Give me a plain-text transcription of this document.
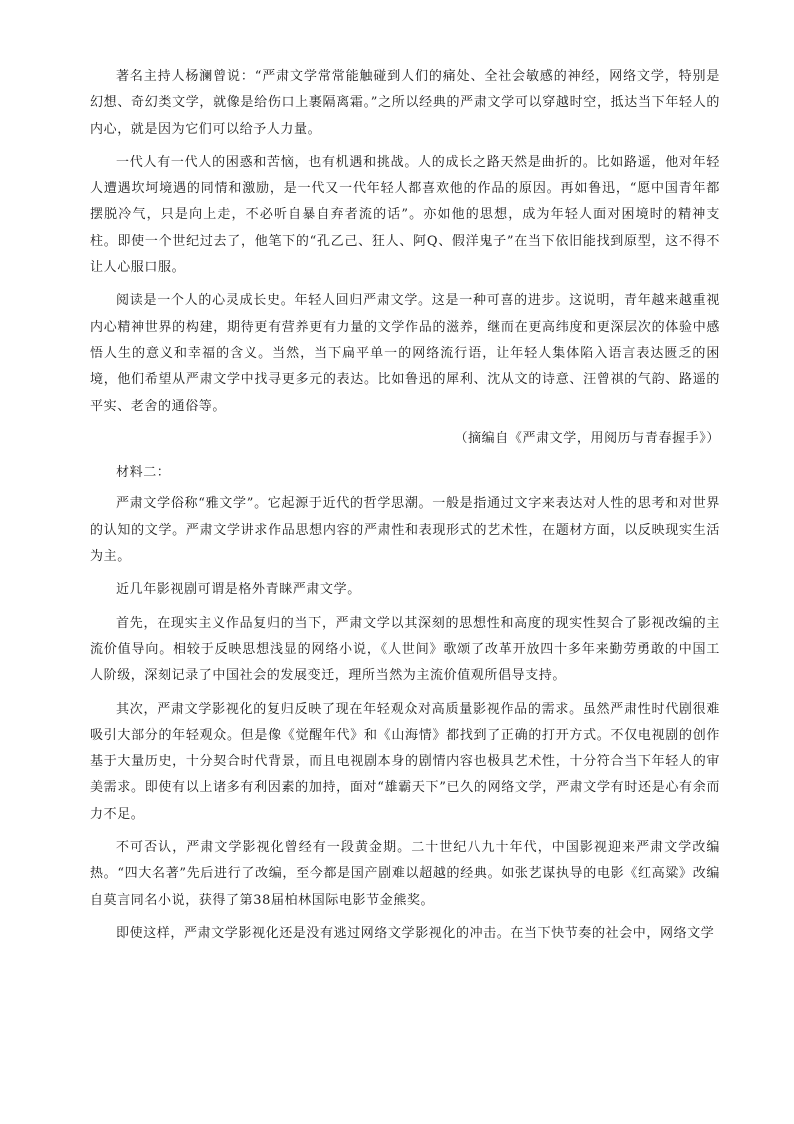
著名主持人杨澜曾说：“严肃文学常常能触碰到人们的痛处、全社会敏感的神经，网络文学，特别是幻想、奇幻类文学，就像是给伤口上裹隔离霜。”之所以经典的严肃文学可以穿越时空，抵达当下年轻人的内心，就是因为它们可以给予人力量。

一代人有一代人的困惑和苦恼，也有机遇和挑战。人的成长之路天然是曲折的。比如路遥，他对年轻人遭遇坎坷境遇的同情和激励，是一代又一代年轻人都喜欢他的作品的原因。再如鲁迅，“愿中国青年都摆脱冷气，只是向上走，不必听自暴自弃者流的话”。亦如他的思想，成为年轻人面对困境时的精神支柱。即使一个世纪过去了，他笔下的“孔乙己、狂人、阿Q、假洋鬼子”在当下依旧能找到原型，这不得不让人心服口服。

阅读是一个人的心灵成长史。年轻人回归严肃文学。这是一种可喜的进步。这说明，青年越来越重视内心精神世界的构建，期待更有营养更有力量的文学作品的滋养，继而在更高纬度和更深层次的体验中感悟人生的意义和幸福的含义。当然，当下扁平单一的网络流行语，让年轻人集体陷入语言表达匮乏的困境，他们希望从严肃文学中找寻更多元的表达。比如鲁迅的犀利、沈从文的诗意、汪曾祺的气韵、路遥的平实、老舍的通俗等。

（摘编自《严肃文学，用阅历与青春握手》）

材料二：

严肃文学俗称“雅文学”。它起源于近代的哲学思潮。一般是指通过文字来表达对人性的思考和对世界的认知的文学。严肃文学讲求作品思想内容的严肃性和表现形式的艺术性，在题材方面，以反映现实生活为主。

近几年影视剧可谓是格外青睐严肃文学。

首先，在现实主义作品复归的当下，严肃文学以其深刻的思想性和高度的现实性契合了影视改编的主流价值导向。相较于反映思想浅显的网络小说，《人世间》歌颂了改革开放四十多年来勤劳勇敢的中国工人阶级，深刻记录了中国社会的发展变迁，理所当然为主流价值观所倡导支持。

其次，严肃文学影视化的复归反映了现在年轻观众对高质量影视作品的需求。虽然严肃性时代剧很难吸引大部分的年轻观众。但是像《觉醒年代》和《山海情》都找到了正确的打开方式。不仅电视剧的创作基于大量历史，十分契合时代背景，而且电视剧本身的剧情内容也极具艺术性，十分符合当下年轻人的审美需求。即使有以上诸多有利因素的加持，面对“雄霸天下”已久的网络文学，严肃文学有时还是心有余而力不足。

不可否认，严肃文学影视化曾经有一段黄金期。二十世纪八九十年代，中国影视迎来严肃文学改编热。“四大名著”先后进行了改编，至今都是国产剧难以超越的经典。如张艺谋执导的电影《红高粱》改编自莫言同名小说，获得了第38届柏林国际电影节金熊奖。

即使这样，严肃文学影视化还是没有逃过网络文学影视化的冲击。在当下快节奏的社会中，网络文学
